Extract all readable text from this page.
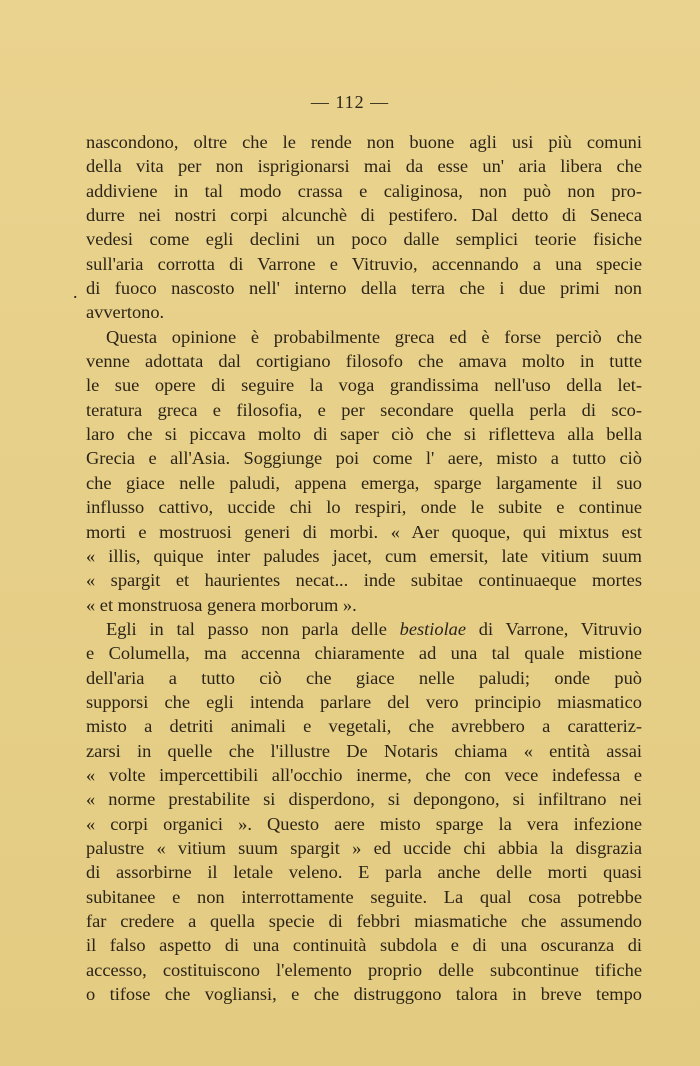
— 112 —
.
nascondono, oltre che le rende non buone agli usi più comuni
della vita per non isprigionarsi mai da esse un' aria libera che
addiviene in tal modo crassa e caliginosa, non può non pro-
durre nei nostri corpi alcunchè di pestifero. Dal detto di Seneca
vedesi come egli declini un poco dalle semplici teorie fisiche
sull'aria corrotta di Varrone e Vitruvio, accennando a una specie
di fuoco nascosto nell' interno della terra che i due primi non
avvertono.
Questa opinione è probabilmente greca ed è forse perciò che
venne adottata dal cortigiano filosofo che amava molto in tutte
le sue opere di seguire la voga grandissima nell'uso della let-
teratura greca e filosofia, e per secondare quella perla di sco-
laro che si piccava molto di saper ciò che si rifletteva alla bella
Grecia e all'Asia. Soggiunge poi come l' aere, misto a tutto ciò
che giace nelle paludi, appena emerga, sparge largamente il suo
influsso cattivo, uccide chi lo respiri, onde le subite e continue
morti e mostruosi generi di morbi. « Aer quoque, qui mixtus est
« illis, quique inter paludes jacet, cum emersit, late vitium suum
« spargit et haurientes necat... inde subitae continuaeque mortes
« et monstruosa genera morborum ».
Egli in tal passo non parla delle bestiolae di Varrone, Vitruvio
e Columella, ma accenna chiaramente ad una tal quale mistione
dell'aria a tutto ciò che giace nelle paludi; onde può
supporsi che egli intenda parlare del vero principio miasmatico
misto a detriti animali e vegetali, che avrebbero a caratteriz-
zarsi in quelle che l'illustre De Notaris chiama « entità assai
« volte impercettibili all'occhio inerme, che con vece indefessa e
« norme prestabilite si disperdono, si depongono, si infiltrano nei
« corpi organici ». Questo aere misto sparge la vera infezione
palustre « vitium suum spargit » ed uccide chi abbia la disgrazia
di assorbirne il letale veleno. E parla anche delle morti quasi
subitanee e non interrottamente seguite. La qual cosa potrebbe
far credere a quella specie di febbri miasmatiche che assumendo
il falso aspetto di una continuità subdola e di una oscuranza di
accesso, costituiscono l'elemento proprio delle subcontinue tifiche
o tifose che vogliansi, e che distruggono talora in breve tempo
